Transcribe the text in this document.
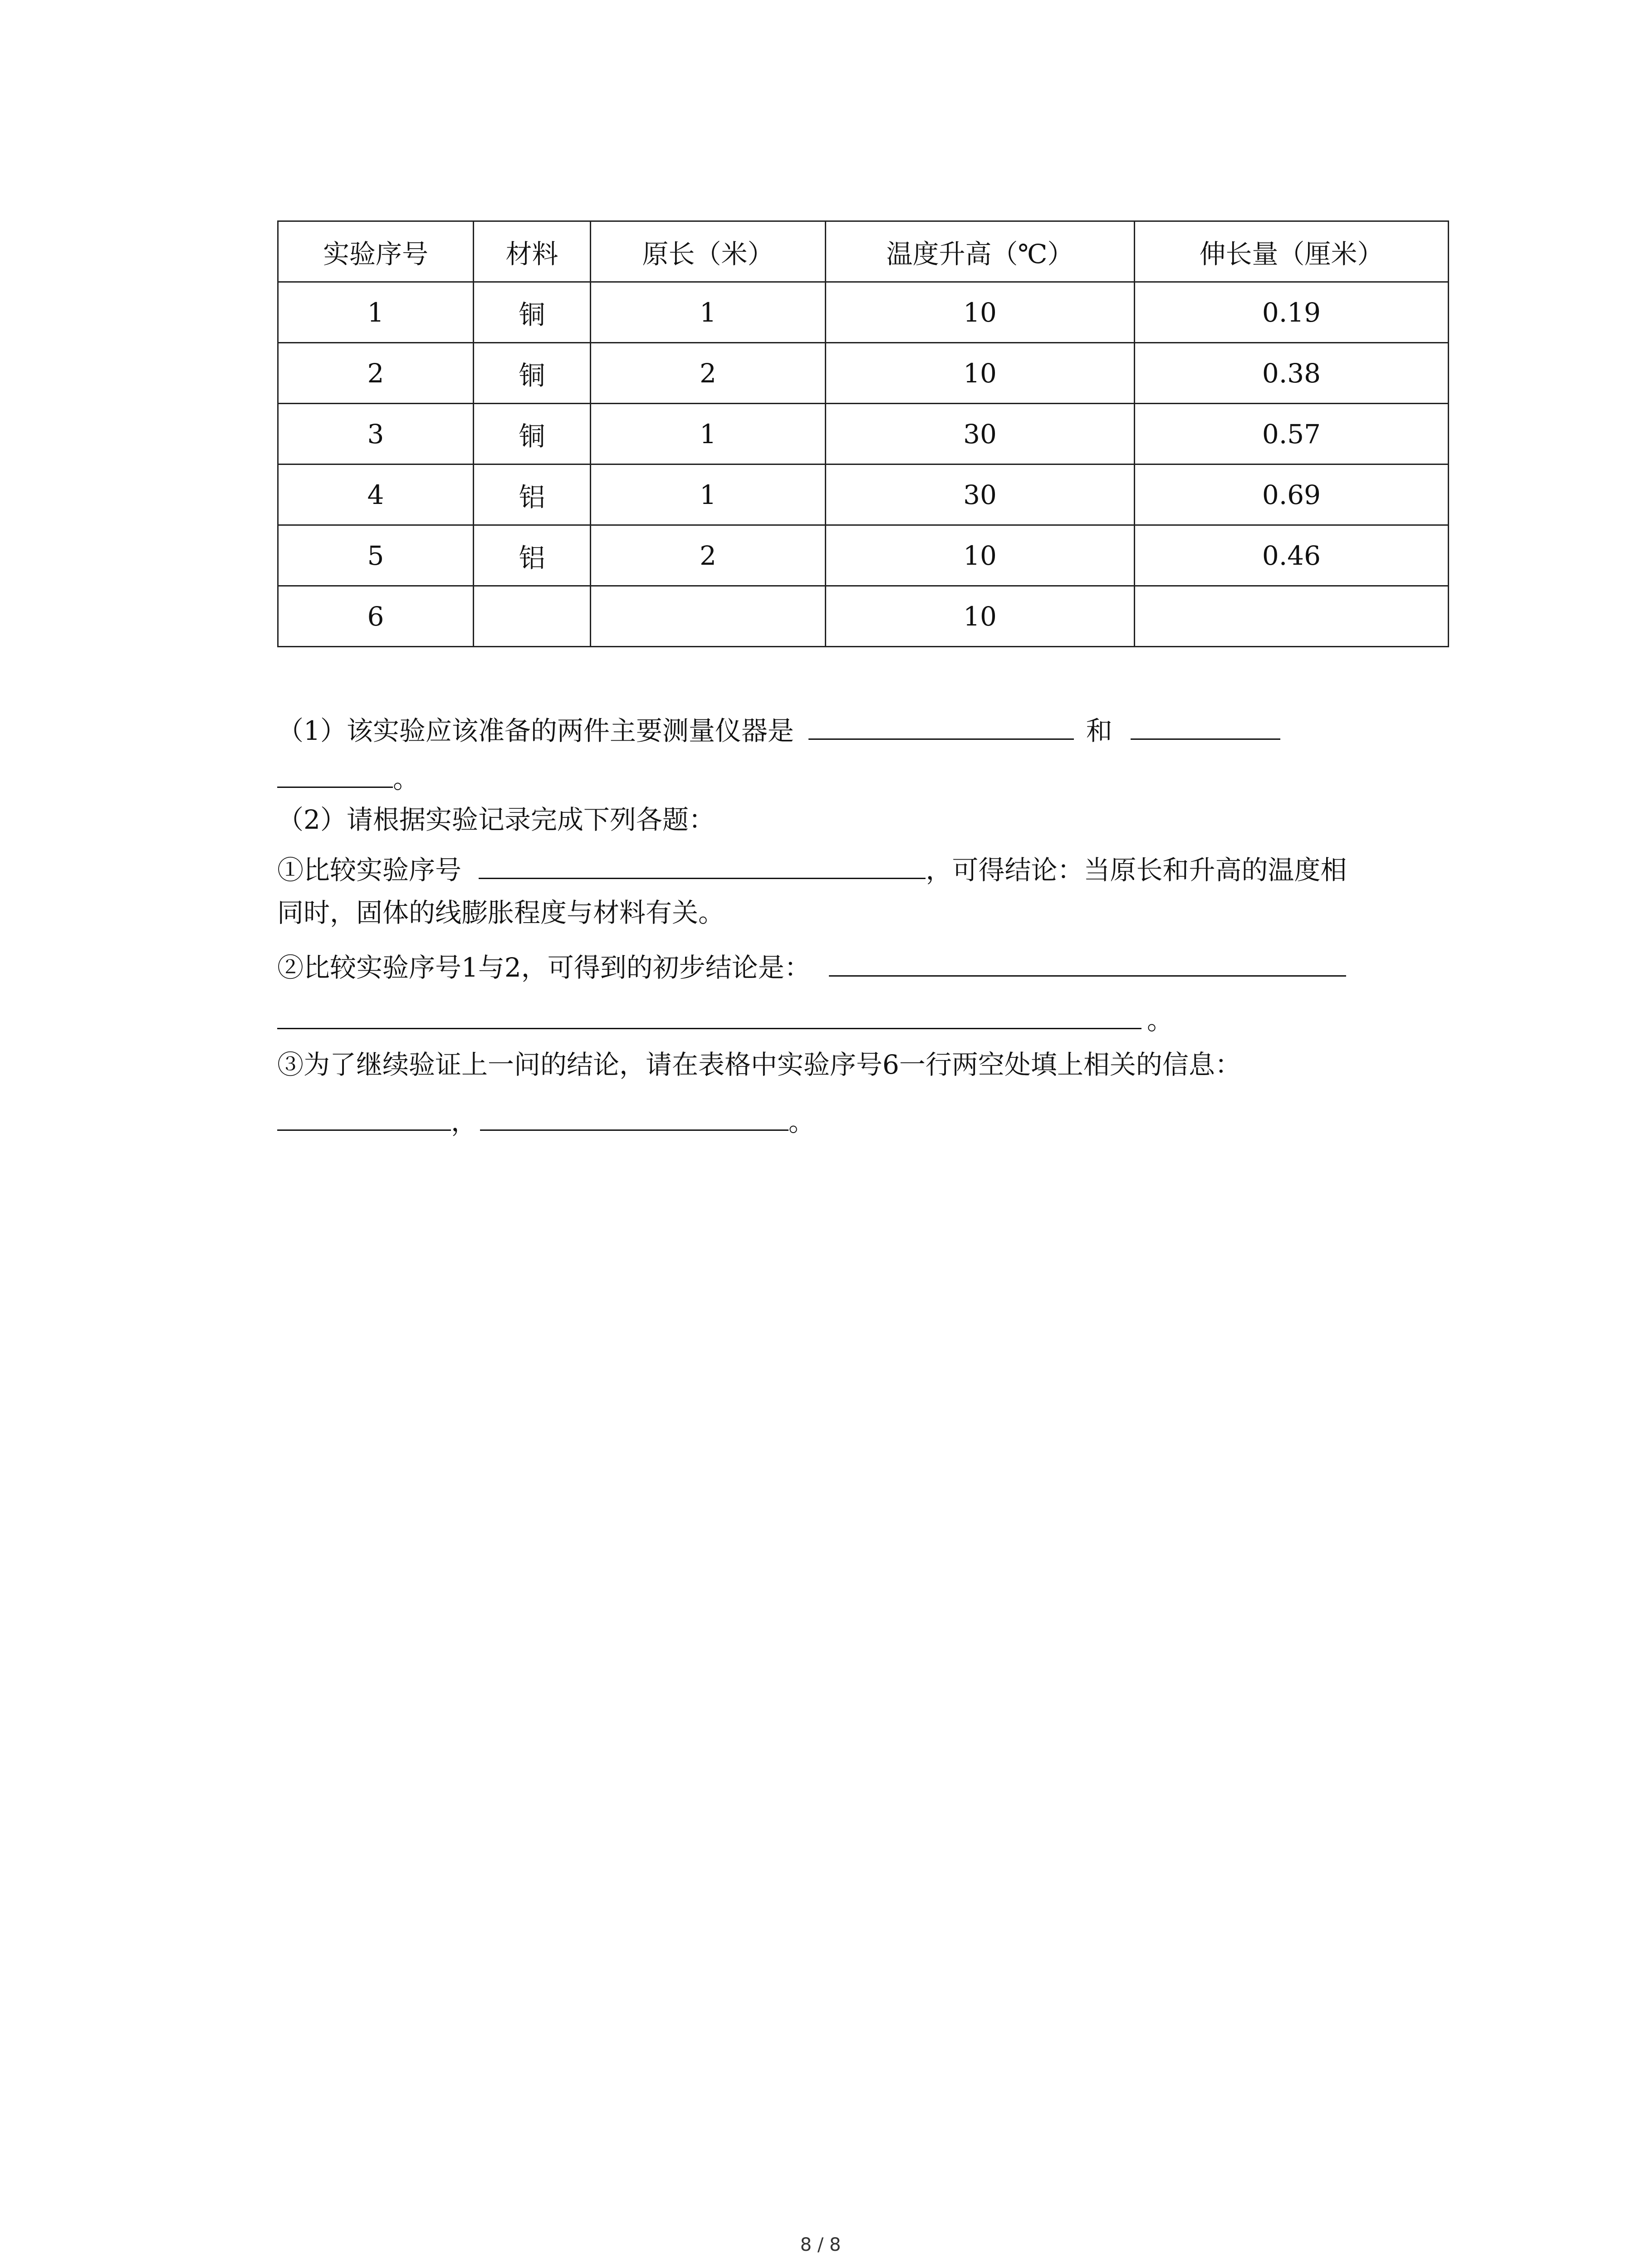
实验序号	材料	原长（米）	温度升高（℃）	伸长量（厘米）
1	铜	1	10	0.19
2	铜	2	10	0.38
3	铜	1	30	0.57
4	铝	1	30	0.69
5	铝	2	10	0.46
6			10	
（1）该实验应该准备的两件主要测量仪器是	和
。
（2）请根据实验记录完成下列各题：
①比较实验序号	，可得结论：当原长和升高的温度相
同时，固体的线膨胀程度与材料有关。
②比较实验序号1与2，可得到的初步结论是：
。
③为了继续验证上一问的结论，请在表格中实验序号6一行两空处填上相关的信息：
，	。
8 / 8
